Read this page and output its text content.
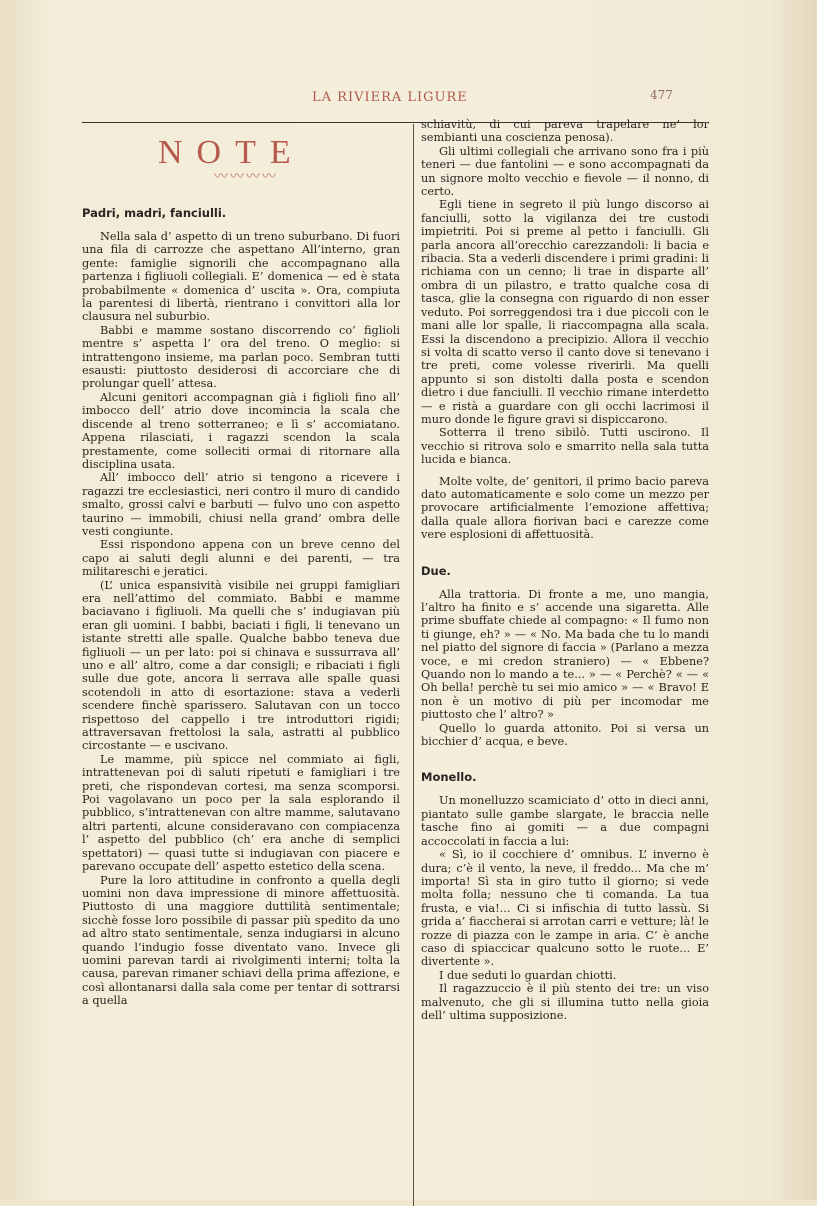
LA RIVIERA LIGURE	477
NOTE
〰〰〰〰
Padri, madri, fanciulli.

Nella sala d’ aspetto di un treno suburbano. Di fuori una fila di carrozze che aspettano All’interno, gran gente: famiglie signorili che accompagnano alla partenza i figliuoli collegiali. E’ domenica — ed è stata probabilmente « domenica d’ uscita ». Ora, compiuta la parentesi di libertà, rientrano i convittori alla lor clausura nel suburbio.

Babbi e mamme sostano discorrendo co’ figlioli mentre s’ aspetta l’ ora del treno. O meglio: si intrattengono insieme, ma parlan poco. Sembran tutti esausti: piuttosto desiderosi di accorciare che di prolungar quell’ attesa.

Alcuni genitori accompagnan già i figlioli fino all’ imbocco dell’ atrio dove incomincia la scala che discende al treno sotterraneo; e lì s’ accomiatano. Appena rilasciati, i ragazzi scendon la scala prestamente, come solleciti ormai di ritornare alla disciplina usata.

All’ imbocco dell’ atrio si tengono a ricevere i ragazzi tre ecclesiastici, neri contro il muro di candido smalto, grossi calvi e barbuti — fulvo uno con aspetto taurino — immobili, chiusi nella grand’ ombra delle vesti congiunte.

Essi rispondono appena con un breve cenno del capo ai saluti degli alunni e dei parenti, — tra militareschi e jeratici.

(L’ unica espansività visibile nei gruppi famigliari era nell’attimo del commiato. Babbi e mamme baciavano i figliuoli. Ma quelli che s’ indugiavan più eran gli uomini. I babbi, baciati i figli, li tenevano un istante stretti alle spalle. Qualche babbo teneva due figliuoli — un per lato: poi si chinava e sussurrava all’ uno e all’ altro, come a dar consigli; e ribaciati i figli sulle due gote, ancora li serrava alle spalle quasi scotendoli in atto di esortazione: stava a vederli scendere finchè sparissero. Salutavan con un tocco rispettoso del cappello i tre introduttori rigidi; attraversavan frettolosi la sala, astratti al pubblico circostante — e uscivano.

Le mamme, più spicce nel commiato ai figli, intrattenevan poi di saluti ripetuti e famigliari i tre preti, che rispondevan cortesi, ma senza scomporsi. Poi vagolavano un poco per la sala esplorando il pubblico, s’intrattenevan con altre mamme, salutavano altri partenti, alcune consideravano con compiacenza l’ aspetto del pubblico (ch’ era anche di semplici spettatori) — quasi tutte si indugiavan con piacere e parevano occupate dell’ aspetto estetico della scena.

Pure la loro attitudine in confronto a quella degli uomini non dava impressione di minore affettuosità. Piuttosto di una maggiore duttilità sentimentale; sicchè fosse loro possibile di passar più spedito da uno ad altro stato sentimentale, senza indugiarsi in alcuno quando l’indugio fosse diventato vano. Invece gli uomini parevan tardi ai rivolgimenti interni; tolta la causa, parevan rimaner schiavi della prima affezione, e così allontanarsi dalla sala come per tentar di sottrarsi a quella

schiavitù, di cui pareva trapelare ne’ lor sembianti una coscienza penosa).

Gli ultimi collegiali che arrivano sono fra i più teneri — due fantolini — e sono accompagnati da un signore molto vecchio e fievole — il nonno, di certo.

Egli tiene in segreto il più lungo discorso ai fanciulli, sotto la vigilanza dei tre custodi impietriti. Poi si preme al petto i fanciulli. Gli parla ancora all’orecchio carezzandoli: li bacia e ribacia. Sta a vederli discendere i primi gradini: li richiama con un cenno; li trae in disparte all’ ombra di un pilastro, e tratto qualche cosa di tasca, glie la consegna con riguardo di non esser veduto. Poi sorreggendosi tra i due piccoli con le mani alle lor spalle, li riaccompagna alla scala. Essi la discendono a precipizio. Allora il vecchio si volta di scatto verso il canto dove si tenevano i tre preti, come volesse riverirli. Ma quelli appunto si son distolti dalla posta e scendon dietro i due fanciulli. Il vecchio rimane interdetto — e ristà a guardare con gli occhi lacrimosi il muro donde le figure gravi si dispiccarono.

Sotterra il treno sibilò. Tutti uscirono. Il vecchio si ritrova solo e smarrito nella sala tutta lucida e bianca.

Molte volte, de’ genitori, il primo bacio pareva dato automaticamente e solo come un mezzo per provocare artificialmente l’emozione affettiva; dalla quale allora fiorivan baci e carezze come vere esplosioni di affettuosità.

Due.

Alla trattoria. Di fronte a me, uno mangia, l’altro ha finito e s’ accende una sigaretta. Alle prime sbuffate chiede al compagno: « Il fumo non ti giunge, eh? » — « No. Ma bada che tu lo mandi nel piatto del signore di faccia » (Parlano a mezza voce, e mi credon straniero) — « Ebbene? Quando non lo mando a te... » — « Perchè? « — « Oh bella! perchè tu sei mio amico » — « Bravo! E non è un motivo di più per incomodar me piuttosto che l’ altro? »

Quello lo guarda attonito. Poi si versa un bicchier d’ acqua, e beve.

Monello.

Un monelluzzo scamiciato d’ otto in dieci anni, piantato sulle gambe slargate, le braccia nelle tasche fino ai gomiti — a due compagni accoccolati in faccia a lui:

« Sì, io il cocchiere d’ omnibus. L’ inverno è dura; c’è il vento, la neve, il freddo... Ma che m’ importa! Sì sta in giro tutto il giorno; si vede molta folla; nessuno che ti comanda. La tua frusta, e via!... Ci si infischia di tutto lassù. Si grida a’ fiaccherai si arrotan carri e vetture; là! le rozze di piazza con le zampe in aria. C’ è anche caso di spiaccicar qualcuno sotto le ruote... E’ divertente ».

I due seduti lo guardan chiotti.

Il ragazzuccio è il più stento dei tre: un viso malvenuto, che gli si illumina tutto nella gioia dell’ ultima supposizione.
